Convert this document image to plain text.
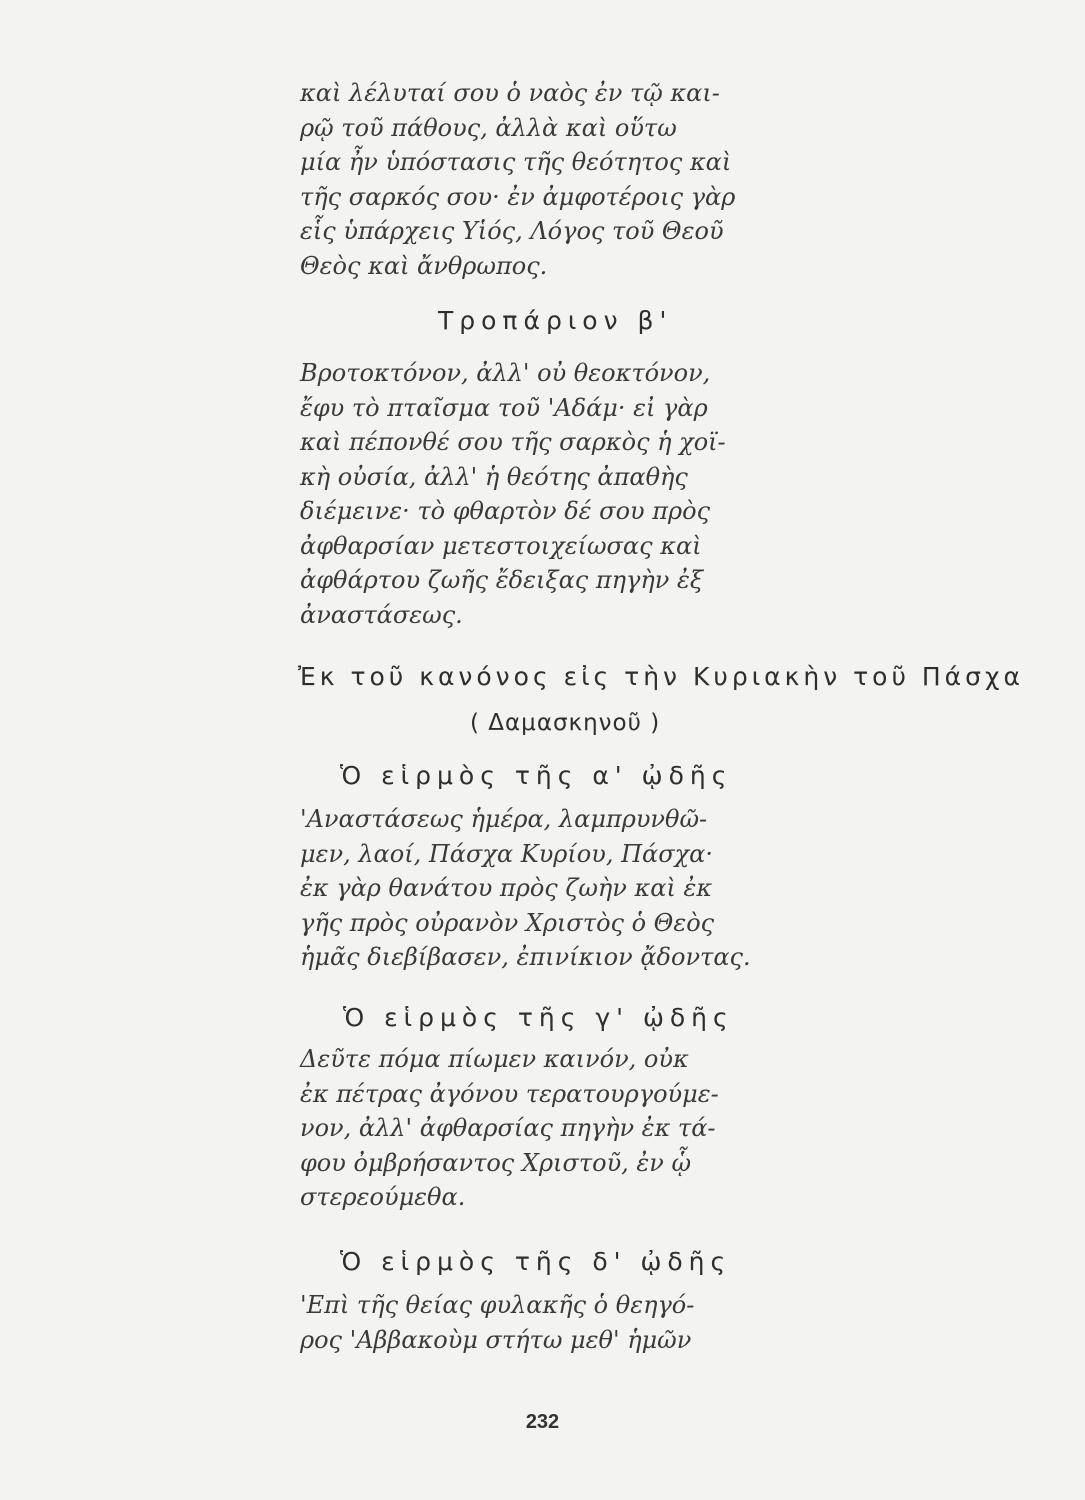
καὶ λέλυταί σου ὁ ναὸς ἐν τῷ και-
ρῷ τοῦ πάθους, ἀλλὰ καὶ οὕτω
μία ἦν ὑπόστασις τῆς θεότητος καὶ
τῆς σαρκός σου· ἐν ἀμφοτέροις γὰρ
εἷς ὑπάρχεις Υἱός, Λόγος τοῦ Θεοῦ
Θεὸς καὶ ἄνθρωπος.

Τροπάριον β'

Βροτοκτόνον, ἀλλ' οὐ θεοκτόνον,
ἔφυ τὸ πταῖσμα τοῦ 'Αδάμ· εἰ γὰρ
καὶ πέπονθέ σου τῆς σαρκὸς ἡ χοϊ-
κὴ οὐσία, ἀλλ' ἡ θεότης ἀπαθὴς
διέμεινε· τὸ φθαρτὸν δέ σου πρὸς
ἀφθαρσίαν μετεστοιχείωσας καὶ
ἀφθάρτου ζωῆς ἔδειξας πηγὴν ἐξ
ἀναστάσεως.

Ἐκ τοῦ κανόνος εἰς τὴν Κυριακὴν τοῦ Πάσχα

( Δαμασκηνοῦ )

Ὁ εἱρμὸς τῆς α' ᾠδῆς

'Αναστάσεως ἡμέρα, λαμπρυνθῶ-
μεν, λαοί, Πάσχα Κυρίου, Πάσχα·
ἐκ γὰρ θανάτου πρὸς ζωὴν καὶ ἐκ
γῆς πρὸς οὐρανὸν Χριστὸς ὁ Θεὸς
ἡμᾶς διεβίβασεν, ἐπινίκιον ᾄδοντας.

Ὁ εἱρμὸς τῆς γ' ᾠδῆς

Δεῦτε πόμα πίωμεν καινόν, οὐκ
ἐκ πέτρας ἀγόνου τερατουργούμε-
νον, ἀλλ' ἀφθαρσίας πηγὴν ἐκ τά-
φου ὀμβρήσαντος Χριστοῦ, ἐν ᾧ
στερεούμεθα.

Ὁ εἱρμὸς τῆς δ' ᾠδῆς

'Επὶ τῆς θείας φυλακῆς ὁ θεηγό-
ρος 'Αββακοὺμ στήτω μεθ' ἡμῶν

232
